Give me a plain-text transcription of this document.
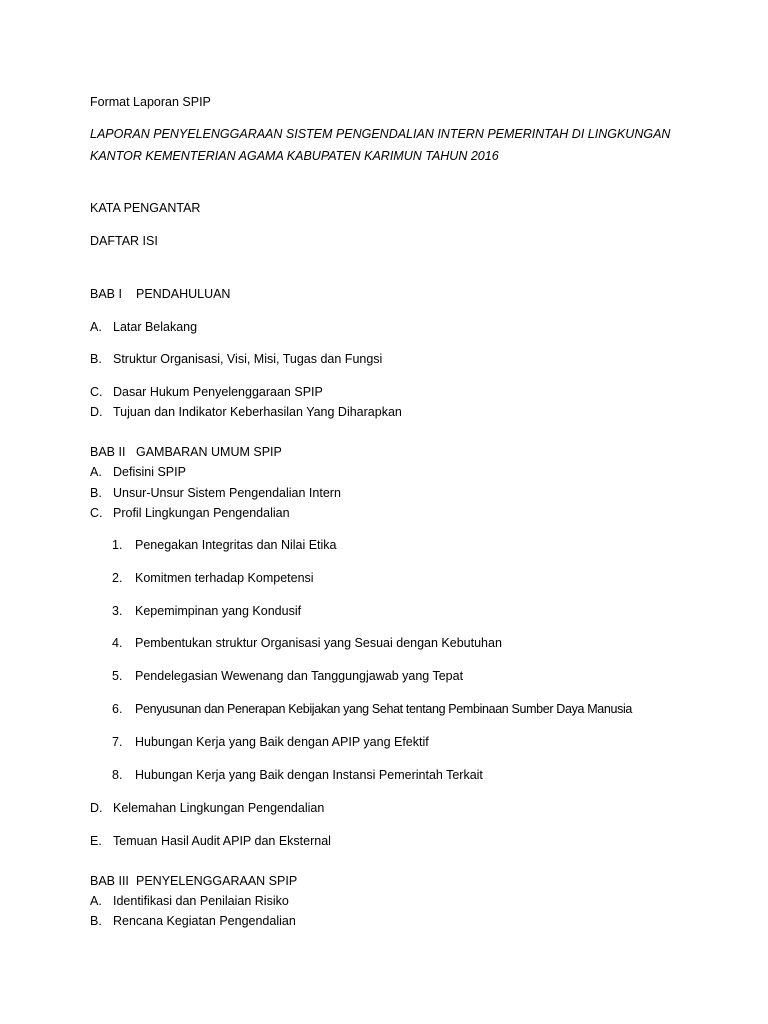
Format Laporan SPIP
LAPORAN PENYELENGGARAAN SISTEM PENGENDALIAN INTERN PEMERINTAH DI LINGKUNGAN
KANTOR KEMENTERIAN AGAMA KABUPATEN KARIMUN TAHUN 2016
KATA PENGANTAR
DAFTAR ISI
BAB I PENDAHULUAN
A. Latar Belakang
B. Struktur Organisasi, Visi, Misi, Tugas dan Fungsi
C. Dasar Hukum Penyelenggaraan SPIP
D. Tujuan dan Indikator Keberhasilan Yang Diharapkan
BAB II GAMBARAN UMUM SPIP
A. Defisini SPIP
B. Unsur-Unsur Sistem Pengendalian Intern
C. Profil Lingkungan Pengendalian
1. Penegakan Integritas dan Nilai Etika
2. Komitmen terhadap Kompetensi
3. Kepemimpinan yang Kondusif
4. Pembentukan struktur Organisasi yang Sesuai dengan Kebutuhan
5. Pendelegasian Wewenang dan Tanggungjawab yang Tepat
6. Penyusunan dan Penerapan Kebijakan yang Sehat tentang Pembinaan Sumber Daya Manusia
7. Hubungan Kerja yang Baik dengan APIP yang Efektif
8. Hubungan Kerja yang Baik dengan Instansi Pemerintah Terkait
D. Kelemahan Lingkungan Pengendalian
E. Temuan Hasil Audit APIP dan Eksternal
BAB III PENYELENGGARAAN SPIP
A. Identifikasi dan Penilaian Risiko
B. Rencana Kegiatan Pengendalian
